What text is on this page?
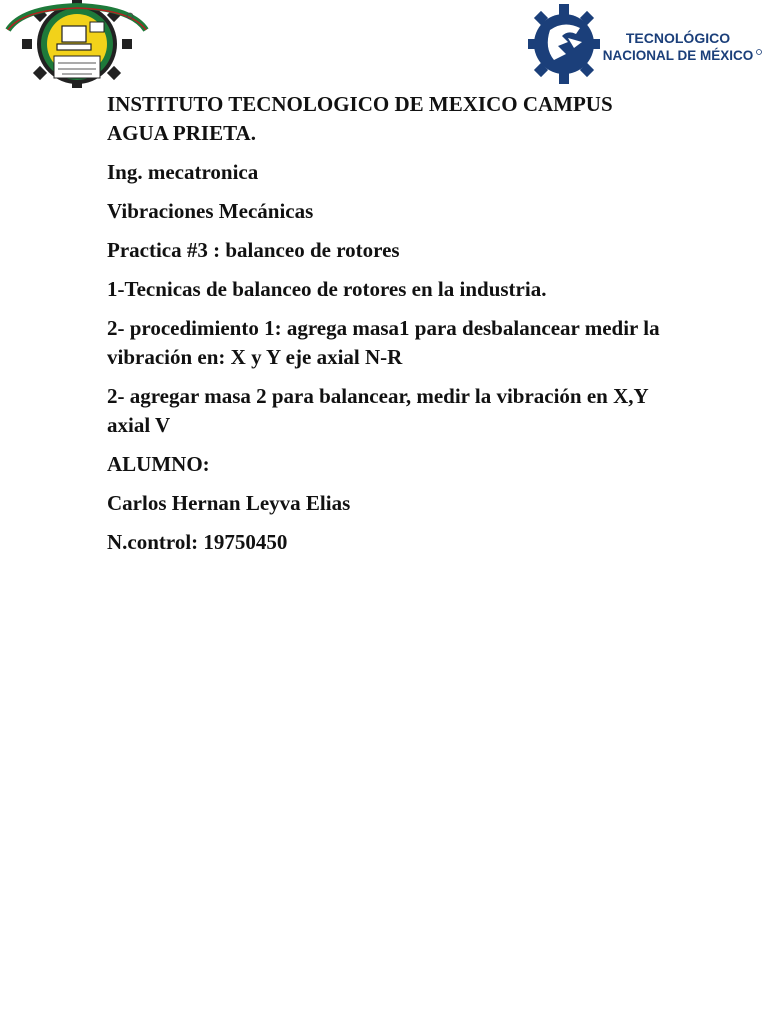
TECNOLÓGICO
NACIONAL DE MÉXICO

INSTITUTO TECNOLOGICO DE MEXICO CAMPUS AGUA PRIETA.

Ing. mecatronica

Vibraciones Mecánicas

Practica #3 : balanceo de rotores

1-Tecnicas de balanceo de rotores en la industria.

2- procedimiento 1: agrega masa1 para desbalancear medir la vibración en: X y Y eje axial N-R

2- agregar masa 2 para balancear, medir la vibración en X,Y axial V

ALUMNO:

Carlos Hernan Leyva Elias

N.control: 19750450
